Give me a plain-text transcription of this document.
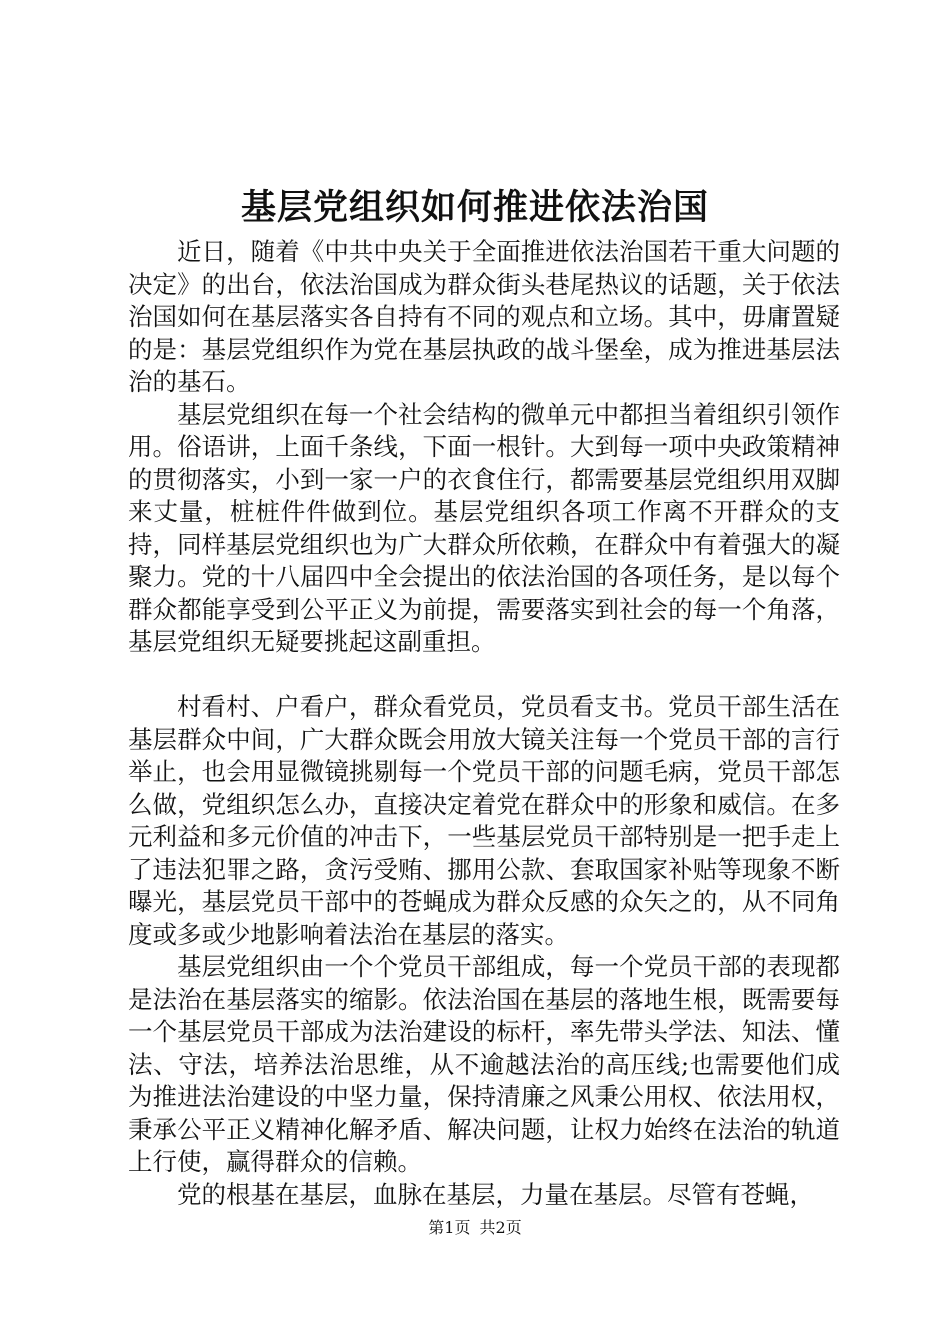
基层党组织如何推进依法治国

近日，随着《中共中央关于全面推进依法治国若干重大问题的决定》的出台，依法治国成为群众街头巷尾热议的话题，关于依法治国如何在基层落实各自持有不同的观点和立场。其中，毋庸置疑的是：基层党组织作为党在基层执政的战斗堡垒，成为推进基层法治的基石。

基层党组织在每一个社会结构的微单元中都担当着组织引领作用。俗语讲，上面千条线，下面一根针。大到每一项中央政策精神的贯彻落实，小到一家一户的衣食住行，都需要基层党组织用双脚来丈量，桩桩件件做到位。基层党组织各项工作离不开群众的支持，同样基层党组织也为广大群众所依赖，在群众中有着强大的凝聚力。党的十八届四中全会提出的依法治国的各项任务，是以每个群众都能享受到公平正义为前提，需要落实到社会的每一个角落，基层党组织无疑要挑起这副重担。

村看村、户看户，群众看党员，党员看支书。党员干部生活在基层群众中间，广大群众既会用放大镜关注每一个党员干部的言行举止，也会用显微镜挑剔每一个党员干部的问题毛病，党员干部怎么做，党组织怎么办，直接决定着党在群众中的形象和威信。在多元利益和多元价值的冲击下，一些基层党员干部特别是一把手走上了违法犯罪之路，贪污受贿、挪用公款、套取国家补贴等现象不断曝光，基层党员干部中的苍蝇成为群众反感的众矢之的，从不同角度或多或少地影响着法治在基层的落实。

基层党组织由一个个党员干部组成，每一个党员干部的表现都是法治在基层落实的缩影。依法治国在基层的落地生根，既需要每一个基层党员干部成为法治建设的标杆，率先带头学法、知法、懂法、守法，培养法治思维，从不逾越法治的高压线;也需要他们成为推进法治建设的中坚力量，保持清廉之风秉公用权、依法用权，秉承公平正义精神化解矛盾、解决问题，让权力始终在法治的轨道上行使，赢得群众的信赖。

党的根基在基层，血脉在基层，力量在基层。尽管有苍蝇，

第1页 共2页
